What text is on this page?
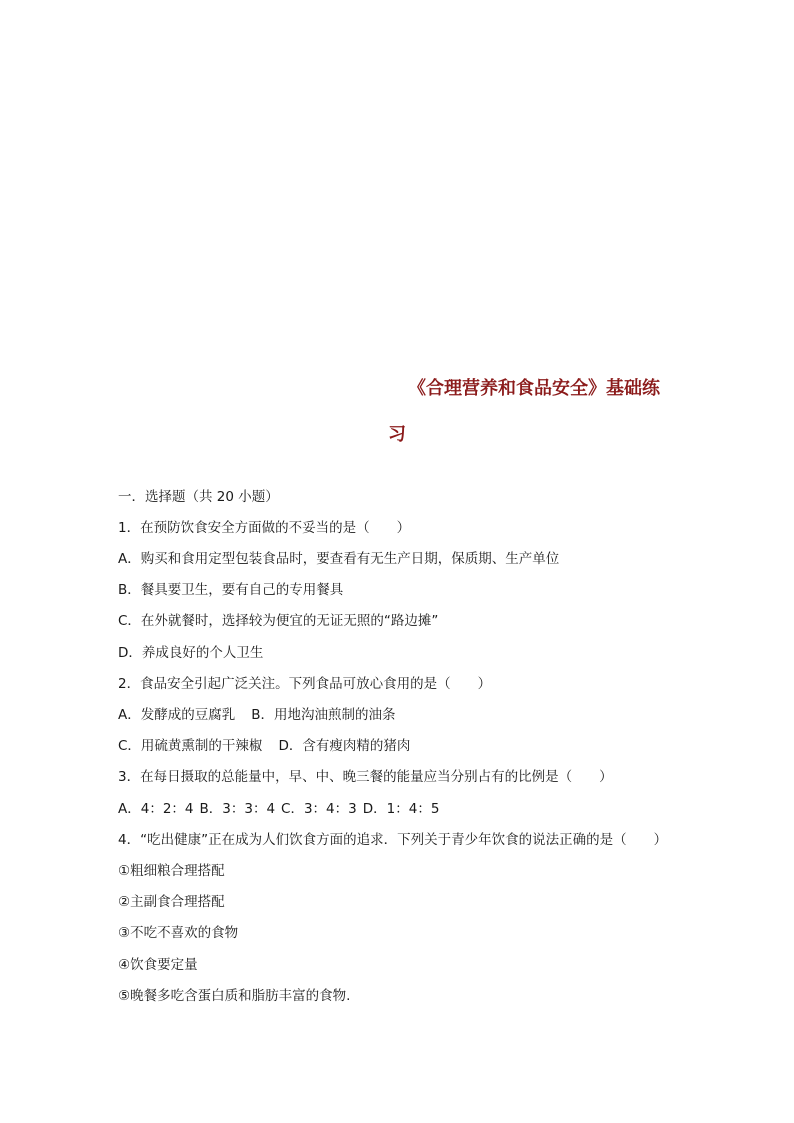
《合理营养和食品安全》基础练
习
一．选择题（共 20 小题）
1．在预防饮食安全方面做的不妥当的是（　　）
A．购买和食用定型包装食品时，要查看有无生产日期，保质期、生产单位
B．餐具要卫生，要有自己的专用餐具
C．在外就餐时，选择较为便宜的无证无照的“路边摊”
D．养成良好的个人卫生
2．食品安全引起广泛关注。下列食品可放心食用的是（　　）
A．发酵成的豆腐乳 B．用地沟油煎制的油条
C．用硫黄熏制的干辣椒 D．含有瘦肉精的猪肉
3．在每日摄取的总能量中，早、中、晚三餐的能量应当分别占有的比例是（　　）
A．4：2：4 B．3：3：4 C．3：4：3 D．1：4：5
4．“吃出健康”正在成为人们饮食方面的追求．下列关于青少年饮食的说法正确的是（　　）
①粗细粮合理搭配
②主副食合理搭配
③不吃不喜欢的食物
④饮食要定量
⑤晚餐多吃含蛋白质和脂肪丰富的食物.
